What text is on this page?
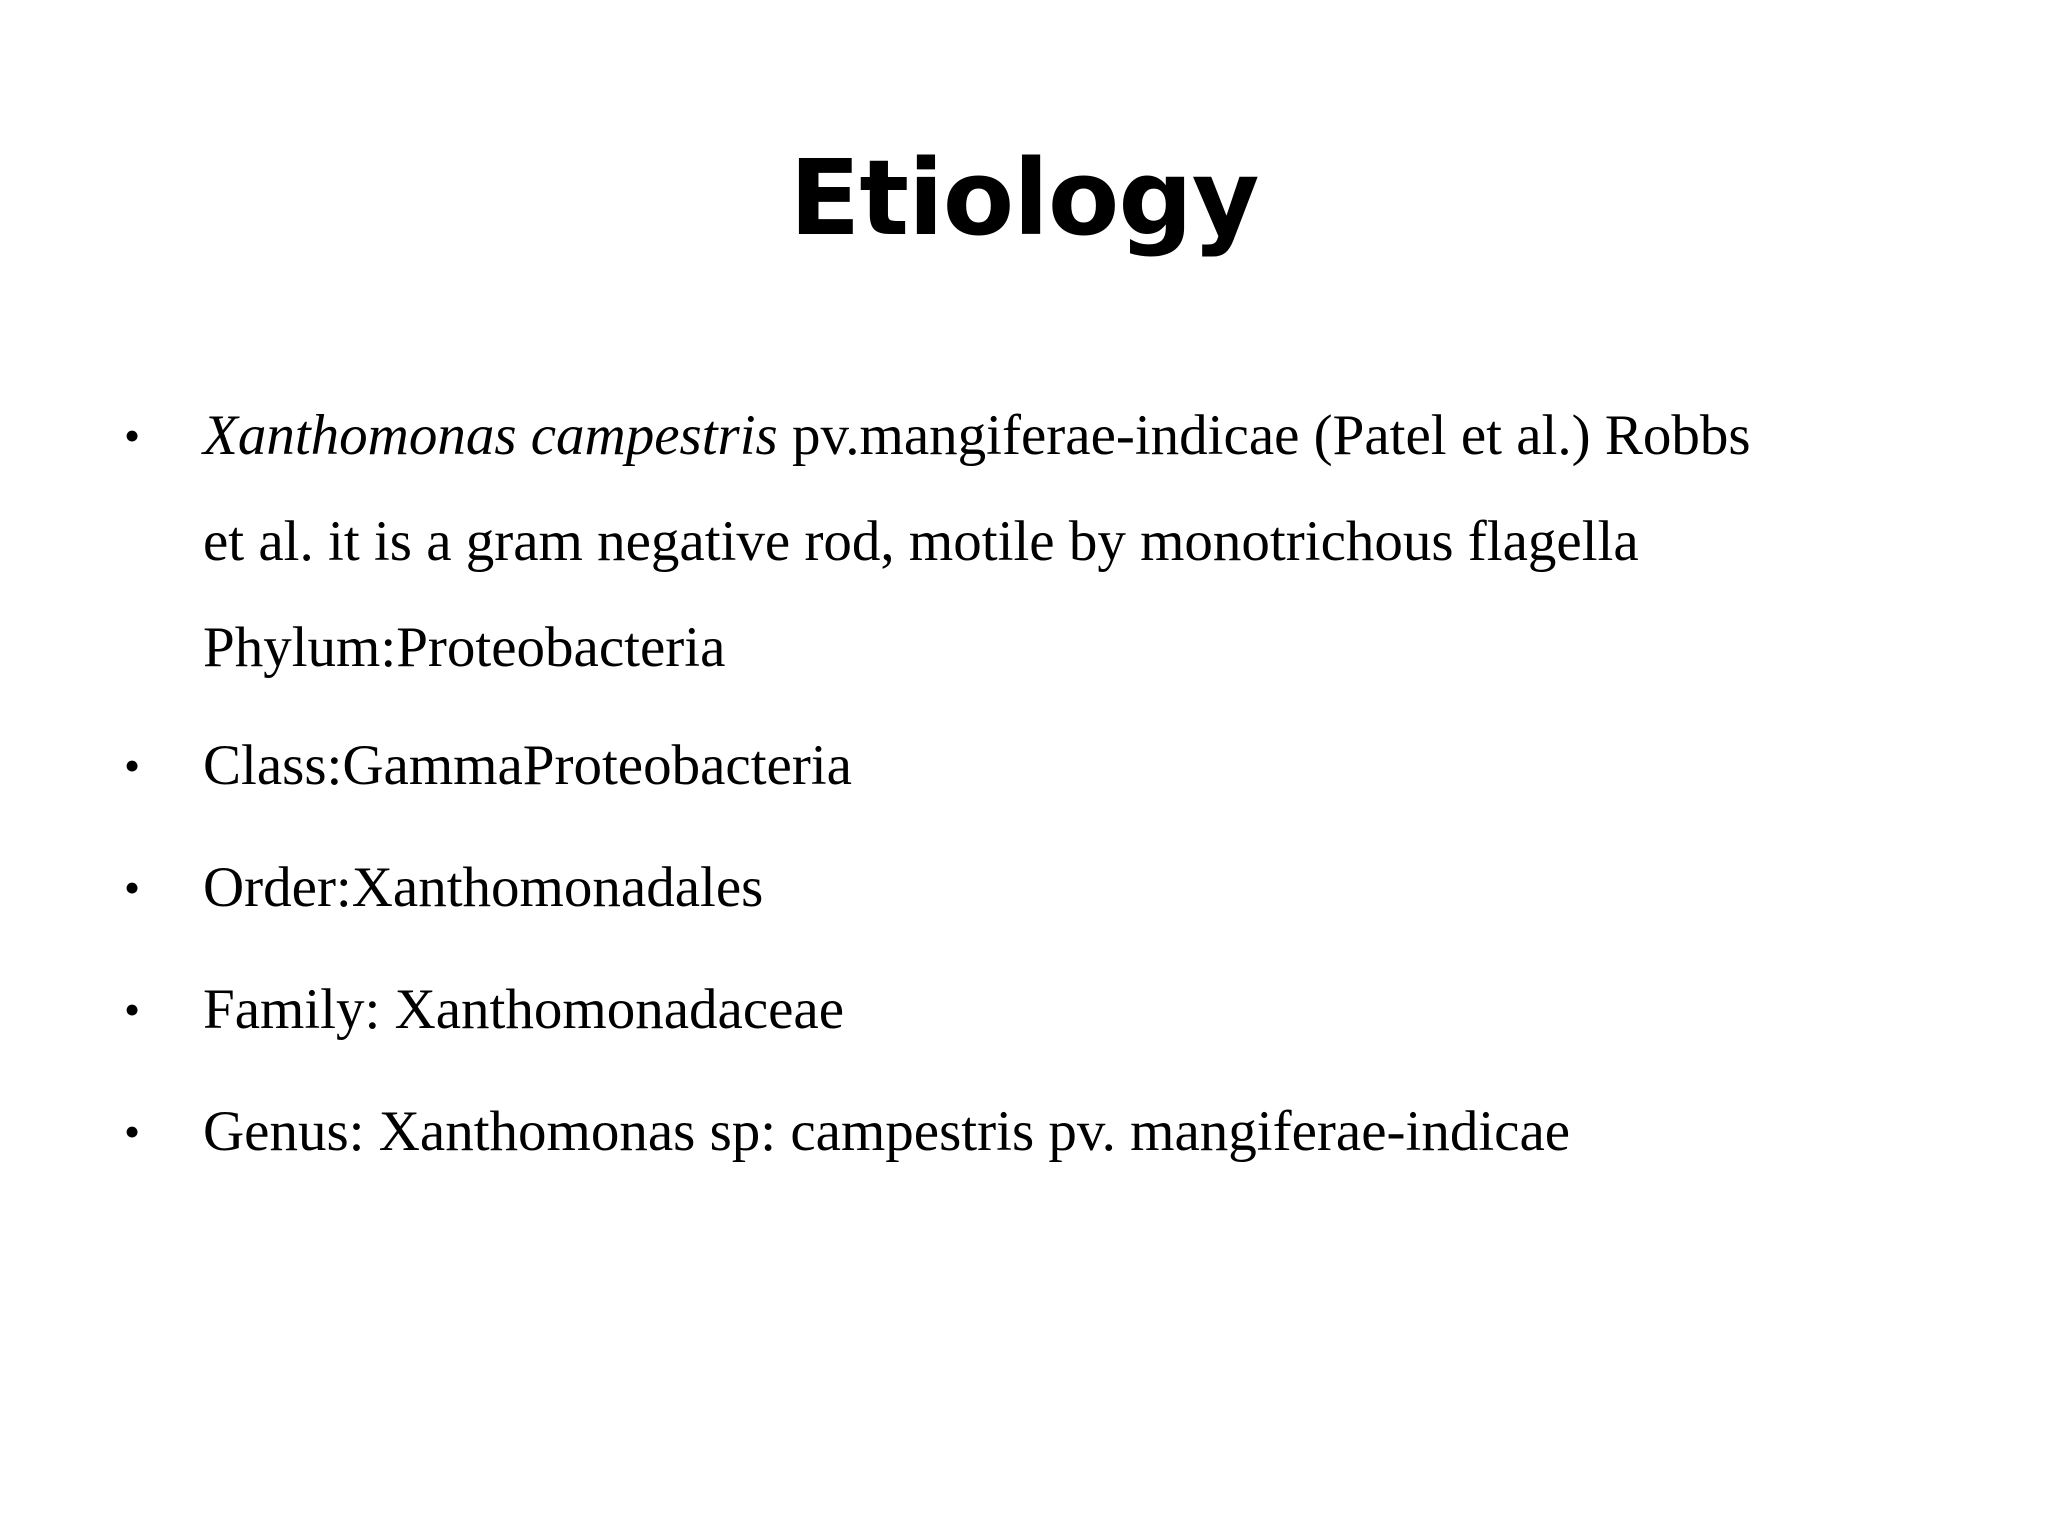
Etiology
• Xanthomonas campestris pv.mangiferae-indicae (Patel et al.) Robbs
et al. it is a gram negative rod, motile by monotrichous flagella
Phylum:Proteobacteria
• Class:GammaProteobacteria
• Order:Xanthomonadales
• Family: Xanthomonadaceae
• Genus: Xanthomonas sp: campestris pv. mangiferae-indicae
